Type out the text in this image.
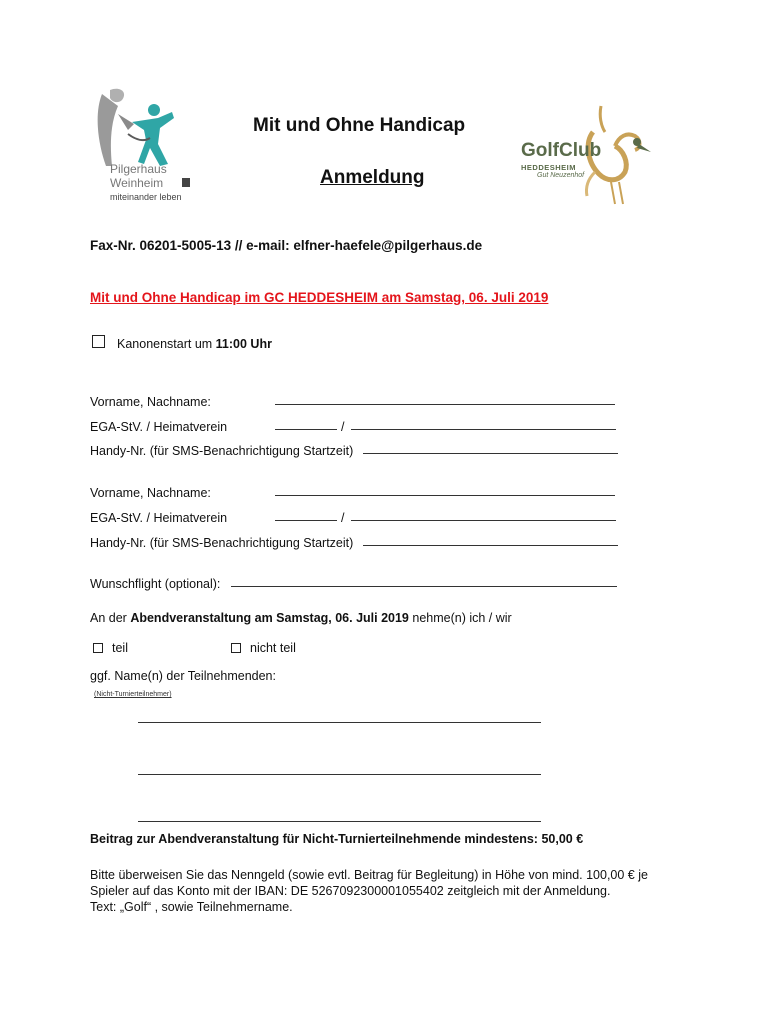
Pilgerhaus
Weinheim
miteinander leben
GolfClub
HEDDESHEIM
Gut Neuzenhof
Mit und Ohne Handicap
Anmeldung
Fax-Nr. 06201-5005-13 // e-mail: elfner-haefele@pilgerhaus.de
Mit und Ohne Handicap im GC HEDDESHEIM am Samstag, 06. Juli 2019
Kanonenstart um 11:00 Uhr
Vorname, Nachname:
EGA-StV. / Heimatverein	/
Handy-Nr. (für SMS-Benachrichtigung Startzeit)
Vorname, Nachname:
EGA-StV. / Heimatverein	/
Handy-Nr. (für SMS-Benachrichtigung Startzeit)
Wunschflight (optional):
An der Abendveranstaltung am Samstag, 06. Juli 2019 nehme(n) ich / wir
teil	nicht teil
ggf. Name(n) der Teilnehmenden:
(Nicht-Turnierteilnehmer)
Beitrag zur Abendveranstaltung für Nicht-Turnierteilnehmende mindestens: 50,00 €
Bitte überweisen Sie das Nenngeld (sowie evtl. Beitrag für Begleitung) in Höhe von mind. 100,00 € je
Spieler auf das Konto mit der IBAN: DE 5267092300001055402 zeitgleich mit der Anmeldung.
Text: „Golf“ , sowie Teilnehmername.
